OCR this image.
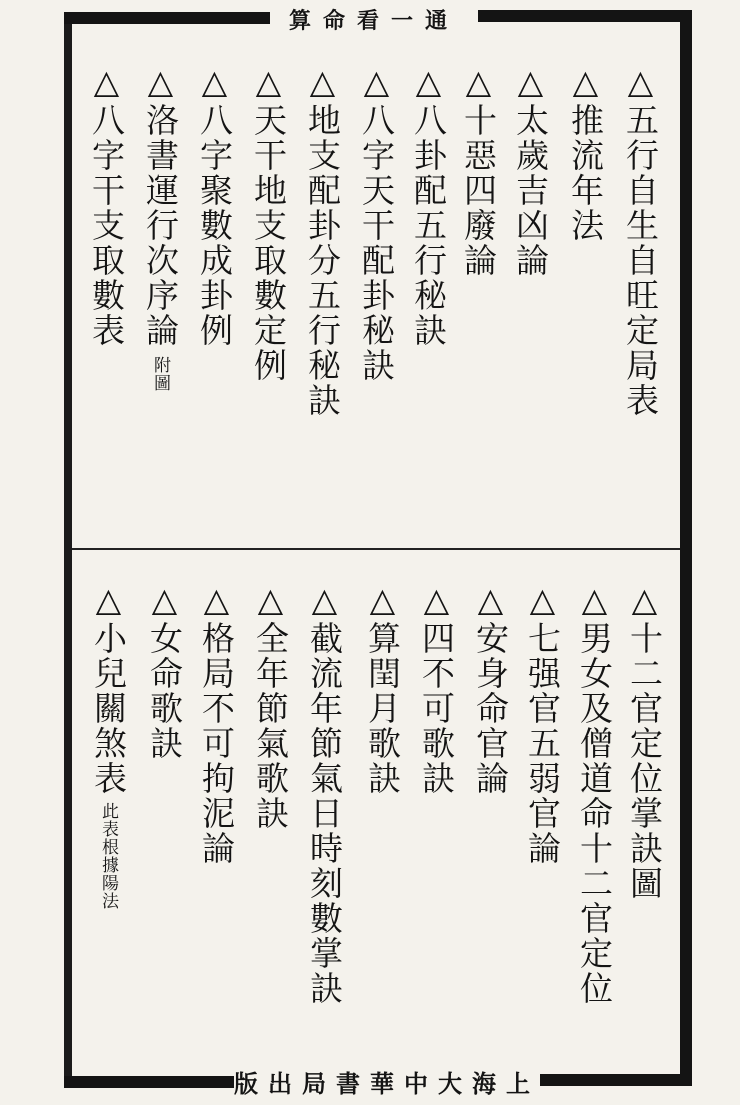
通一看命算
上海大中華書局出版
△五行自生自旺定局表
△推流年法
△太歲吉凶論
△十惡四廢論
△八卦配五行秘訣
△八字天干配卦秘訣
△地支配卦分五行秘訣
△天干地支取數定例
△八字聚數成卦例
△洛書運行次序論附圖
△八字干支取數表
△十二官定位掌訣圖
△男女及僧道命十二官定位
△七强官五弱官論
△安身命官論
△四不可歌訣
△算閏月歌訣
△截流年節氣日時刻數掌訣
△全年節氣歌訣
△格局不可拘泥論
△女命歌訣
△小兒關煞表此表根據陽法
